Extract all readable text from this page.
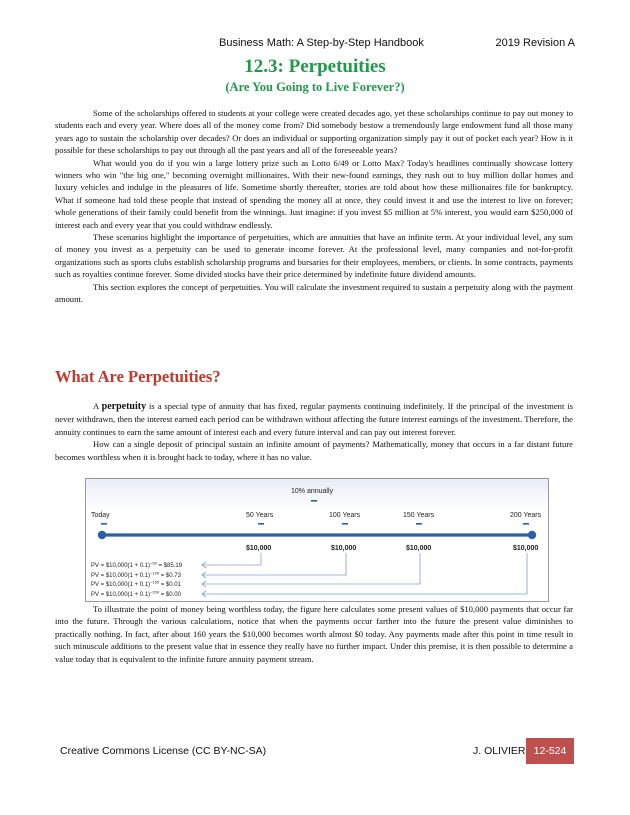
Business Math: A Step-by-Step Handbook	2019 Revision A
12.3: Perpetuities
(Are You Going to Live Forever?)

Some of the scholarships offered to students at your college were created decades ago, yet these scholarships continue to pay out money to students each and every year. Where does all of the money come from? Did somebody bestow a tremendously large endowment fund all those many years ago to sustain the scholarship over decades? Or does an individual or supporting organization simply pay it out of pocket each year? How is it possible for these scholarships to pay out through all the past years and all of the foreseeable years?

What would you do if you win a large lottery prize such as Lotto 6/49 or Lotto Max? Today's headlines continually showcase lottery winners who win "the big one," becoming overnight millionaires. With their new-found earnings, they rush out to buy million dollar homes and luxury vehicles and indulge in the pleasures of life. Sometime shortly thereafter, stories are told about how these millionaires file for bankruptcy. What if someone had told these people that instead of spending the money all at once, they could invest it and use the interest to live on forever; whole generations of their family could benefit from the winnings. Just imagine: if you invest $5 million at 5% interest, you would earn $250,000 of interest each and every year that you could withdraw endlessly.

These scenarios highlight the importance of perpetuities, which are annuities that have an infinite term. At your individual level, any sum of money you invest as a perpetuity can be used to generate income forever. At the professional level, many companies and not-for-profit organizations such as sports clubs establish scholarship programs and bursaries for their employees, members, or clients. In some contracts, payments such as royalties continue forever. Some divided stocks have their price determined by indefinite future dividend amounts.

This section explores the concept of perpetuities. You will calculate the investment required to sustain a perpetuity along with the payment amount.

What Are Perpetuities?

A perpetuity is a special type of annuity that has fixed, regular payments continuing indefinitely. If the principal of the investment is never withdrawn, then the interest earned each period can be withdrawn without affecting the future interest earnings of the investment. Therefore, the annuity continues to earn the same amount of interest each and every future interval and can pay out interest forever.

How can a single deposit of principal sustain an infinite amount of payments? Mathematically, money that occurs in a far distant future becomes worthless when it is brought back to today, where it has no value.

10% annually
Today	50 Years	100 Years	150 Years	200 Years
$10,000	$10,000	$10,000	$10,000
PV = $10,000(1 + 0.1)$^{-50}$ = $85.19
PV = $10,000(1 + 0.1)$^{-100}$ = $0.73
PV = $10,000(1 + 0.1)$^{-150}$ = $0.01
PV = $10,000(1 + 0.1)$^{-200}$ = $0.00

To illustrate the point of money being worthless today, the figure here calculates some present values of $10,000 payments that occur far into the future. Through the various calculations, notice that when the payments occur farther into the future the present value diminishes to practically nothing. In fact, after about 160 years the $10,000 becomes worth almost $0 today. Any payments made after this point in time result in such minuscule additions to the present value that in essence they really have no further impact. Under this premise, it is then possible to determine a value today that is equivalent to the infinite future annuity payment stream.

Creative Commons License (CC BY-NC-SA)	J. OLIVIER 12-524
